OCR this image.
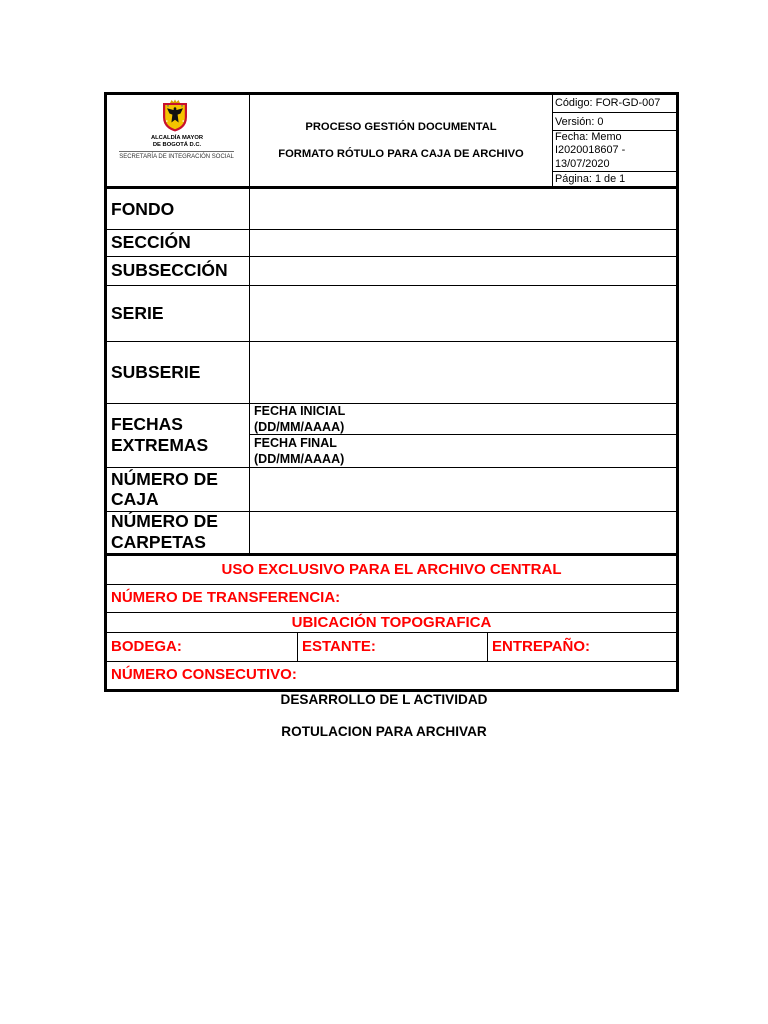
ALCALDÍA MAYOR
DE BOGOTÁ D.C.
SECRETARÍA DE INTEGRACIÓN SOCIAL
PROCESO GESTIÓN DOCUMENTAL
FORMATO RÓTULO PARA CAJA DE ARCHIVO
Código: FOR-GD-007
Versión: 0
Fecha: Memo
I2020018607 -
13/07/2020
Página: 1 de 1
FONDO
SECCIÓN
SUBSECCIÓN
SERIE
SUBSERIE
FECHAS
EXTREMAS
FECHA INICIAL
(DD/MM/AAAA)
FECHA FINAL
(DD/MM/AAAA)
NÚMERO DE
CAJA
NÚMERO DE
CARPETAS
USO EXCLUSIVO PARA EL ARCHIVO CENTRAL
NÚMERO DE TRANSFERENCIA:
UBICACIÓN TOPOGRAFICA
BODEGA:	ESTANTE:	ENTREPAÑO:
NÚMERO CONSECUTIVO:
DESARROLLO DE L ACTIVIDAD
ROTULACION PARA ARCHIVAR
